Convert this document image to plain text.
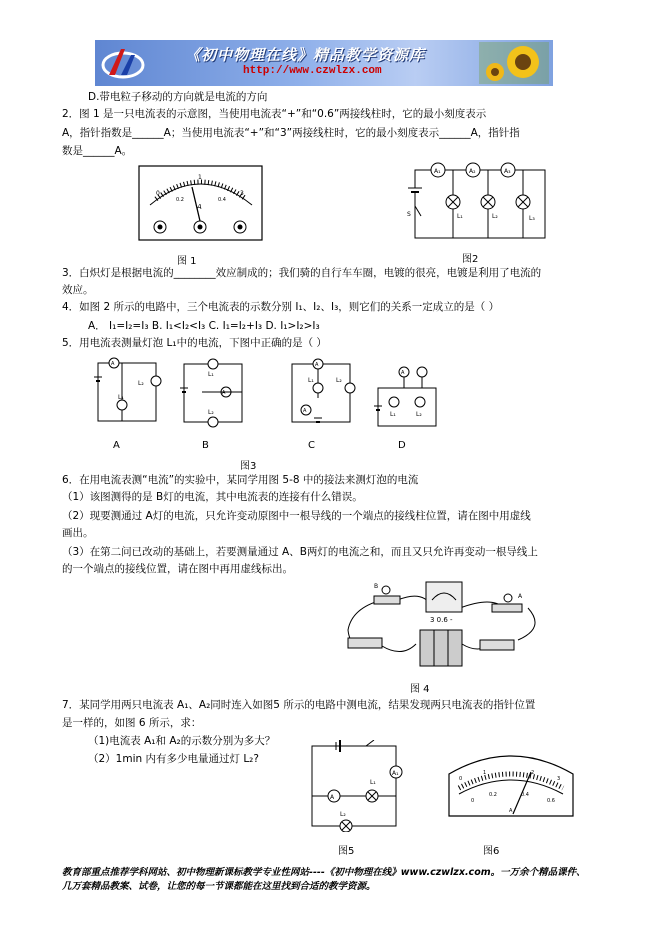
《初中物理在线》精品教学资源库
http://www.czwlzx.com
D.带电粒子移动的方向就是电流的方向
2．图 1 是一只电流表的示意图，当使用电流表“+”和“0.6”两接线柱时，它的最小刻度表示
A，指针指数是______A；当使用电流表“+”和“3”两接线柱时，它的最小刻度表示______A，指针指
数是______A。
0
1
3
0.2	0.4
A
图 1
A₁	A₂	A₃
S	L₁	L₂	L₃
图2
3．白炽灯是根据电流的________效应制成的；我们骑的自行车车圈，电镀的很亮，电镀是利用了电流的
效应。
4．如图 2 所示的电路中，三个电流表的示数分别 I₁、I₂、I₃，则它们的关系一定成立的是（ ）
A． I₁=I₂=I₃ B. I₁<I₂<I₃ C. I₁=I₂+I₃ D. I₁>I₂>I₃
5．用电流表测量灯泡 L₁中的电流，下图中正确的是（ ）
A
L₂
L₁
L₁
A
L₂
A
L₁	L₂
A
A
L₁	L₂
A	B	C	D
图3
6．在用电流表测“电流”的实验中，某同学用图 5-8 中的接法来测灯泡的电流
（1）该图测得的是 B灯的电流，其中电流表的连接有什么错误。
（2）现要测通过 A灯的电流，只允许变动原图中一根导线的一个端点的接线柱位置，请在图中用虚线
画出。
（3）在第二问已改动的基础上，若要测量通过 A、B两灯的电流之和，而且又只允许再变动一根导线上
的一个端点的接线位置，请在图中再用虚线标出。
B
A
3 0.6 -
图 4
7．某同学用两只电流表 A₁、A₂同时连入如图5 所示的电路中测电流，结果发现两只电流表的指针位置
是一样的，如图 6 所示，求：
（1)电流表 A₁和 A₂的示数分别为多大？
（2）1min 内有多少电量通过灯 L₂?
A
A₁
L₁
L₂
图5
0
1	2
3
0
0.2	0.4
0.6
A
图6
教育部重点推荐学科网站、初中物理新课标教学专业性网站----《初中物理在线》www.czwlzx.com。一万余个精品课件、
几万套精品教案、试卷，让您的每一节课都能在这里找到合适的教学资源。
